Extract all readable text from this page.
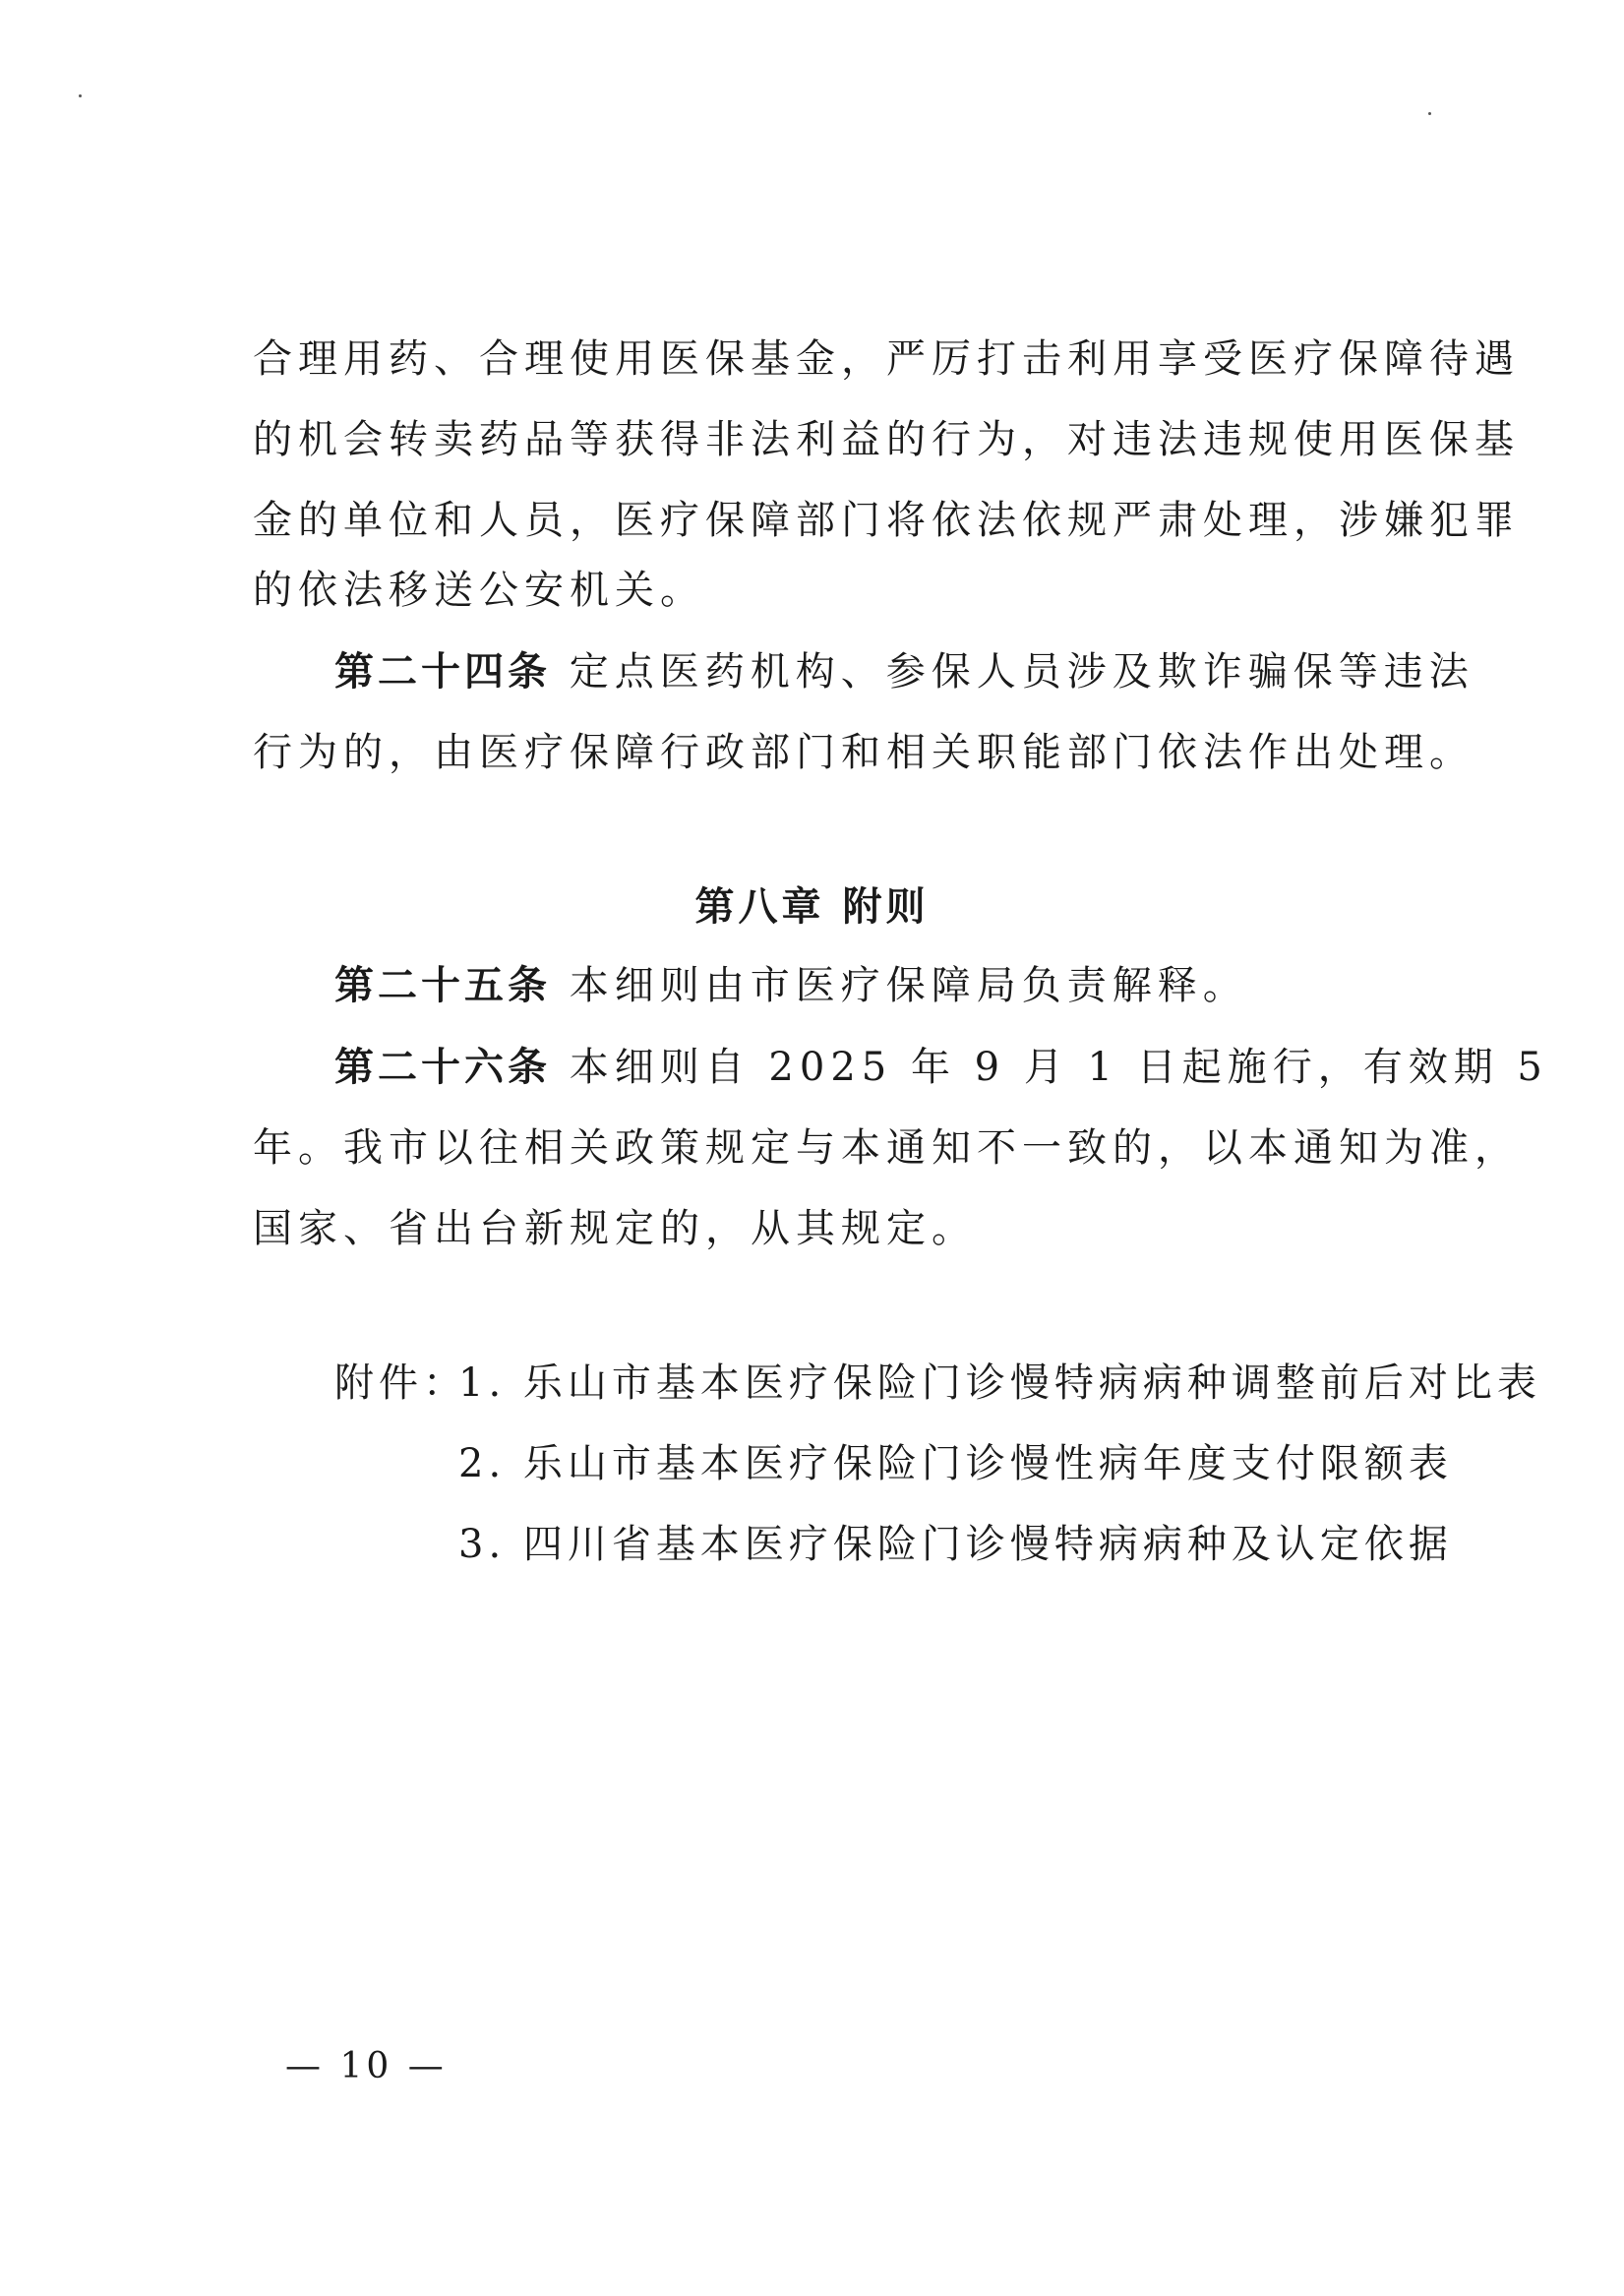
合理用药、合理使用医保基金，严厉打击利用享受医疗保障待遇
的机会转卖药品等获得非法利益的行为，对违法违规使用医保基
金的单位和人员，医疗保障部门将依法依规严肃处理，涉嫌犯罪
的依法移送公安机关。
第二十四条 定点医药机构、参保人员涉及欺诈骗保等违法
行为的，由医疗保障行政部门和相关职能部门依法作出处理。
第八章 附则
第二十五条 本细则由市医疗保障局负责解释。
第二十六条 本细则自 2025 年 9 月 1 日起施行，有效期 5
年。我市以往相关政策规定与本通知不一致的，以本通知为准，
国家、省出台新规定的，从其规定。
附件：
1. 乐山市基本医疗保险门诊慢特病病种调整前后对比表
2. 乐山市基本医疗保险门诊慢性病年度支付限额表
3. 四川省基本医疗保险门诊慢特病病种及认定依据
— 10 —
